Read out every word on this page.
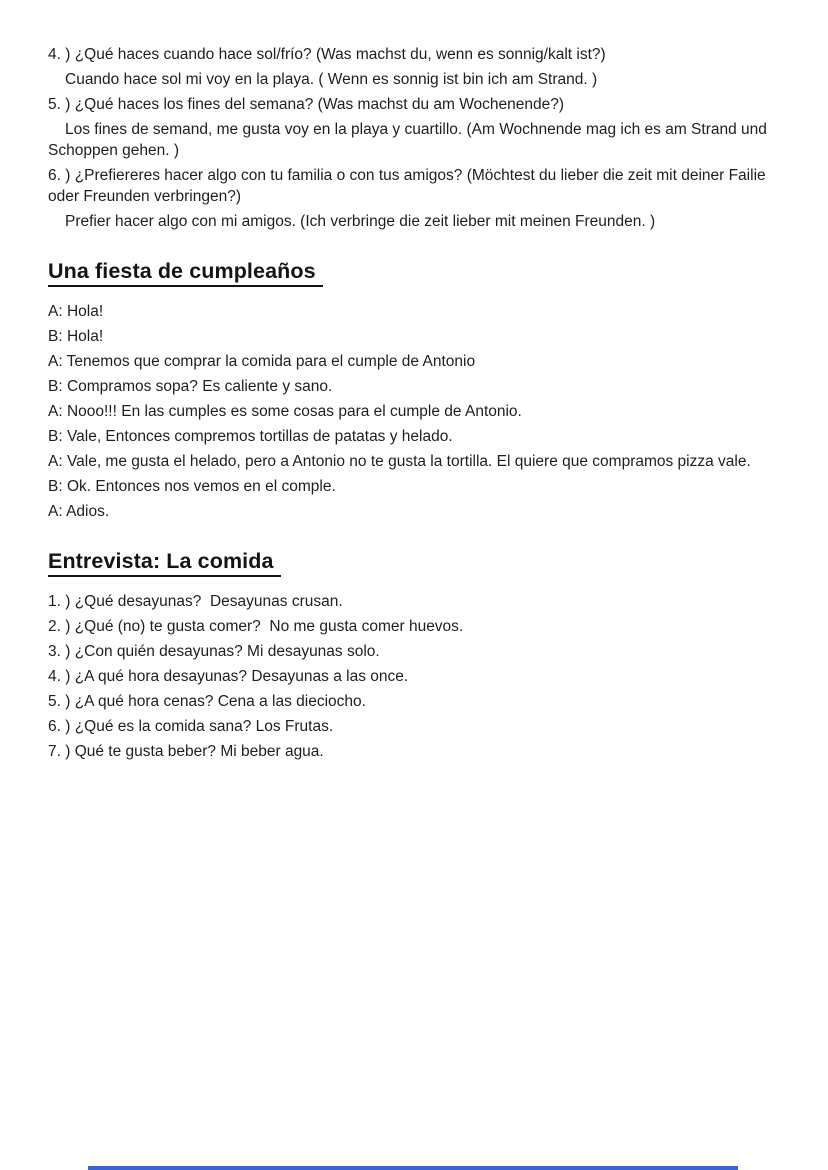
4. ) ¿Qué haces cuando hace sol/frío? (Was machst du, wenn es sonnig/kalt ist?)

Cuando hace sol mi voy en la playa. ( Wenn es sonnig ist bin ich am Strand. )

5. ) ¿Qué haces los fines del semana? (Was machst du am Wochenende?)

Los fines de semand, me gusta voy en la playa y cuartillo. (Am Wochnende mag ich es am Strand und Schoppen gehen. )

6. ) ¿Prefiereres hacer algo con tu familia o con tus amigos? (Möchtest du lieber die zeit mit deiner Failie oder Freunden verbringen?)

Prefier hacer algo con mi amigos. (Ich verbringe die zeit lieber mit meinen Freunden. )

Una fiesta de cumpleaños

A: Hola!

B: Hola!

A: Tenemos que comprar la comida para el cumple de Antonio

B: Compramos sopa? Es caliente y sano.

A: Nooo!!! En las cumples es some cosas para el cumple de Antonio.

B: Vale, Entonces compremos tortillas de patatas y helado.

A: Vale, me gusta el helado, pero a Antonio no te gusta la tortilla. El quiere que compramos pizza vale.

B: Ok. Entonces nos vemos en el comple.

A: Adios.

Entrevista: La comida

1. ) ¿Qué desayunas?  Desayunas crusan.

2. ) ¿Qué (no) te gusta comer?  No me gusta comer huevos.

3. ) ¿Con quién desayunas? Mi desayunas solo.

4. ) ¿A qué hora desayunas? Desayunas a las once.

5. ) ¿A qué hora cenas? Cena a las dieciocho.

6. ) ¿Qué es la comida sana? Los Frutas.

7. ) Qué te gusta beber? Mi beber agua.
